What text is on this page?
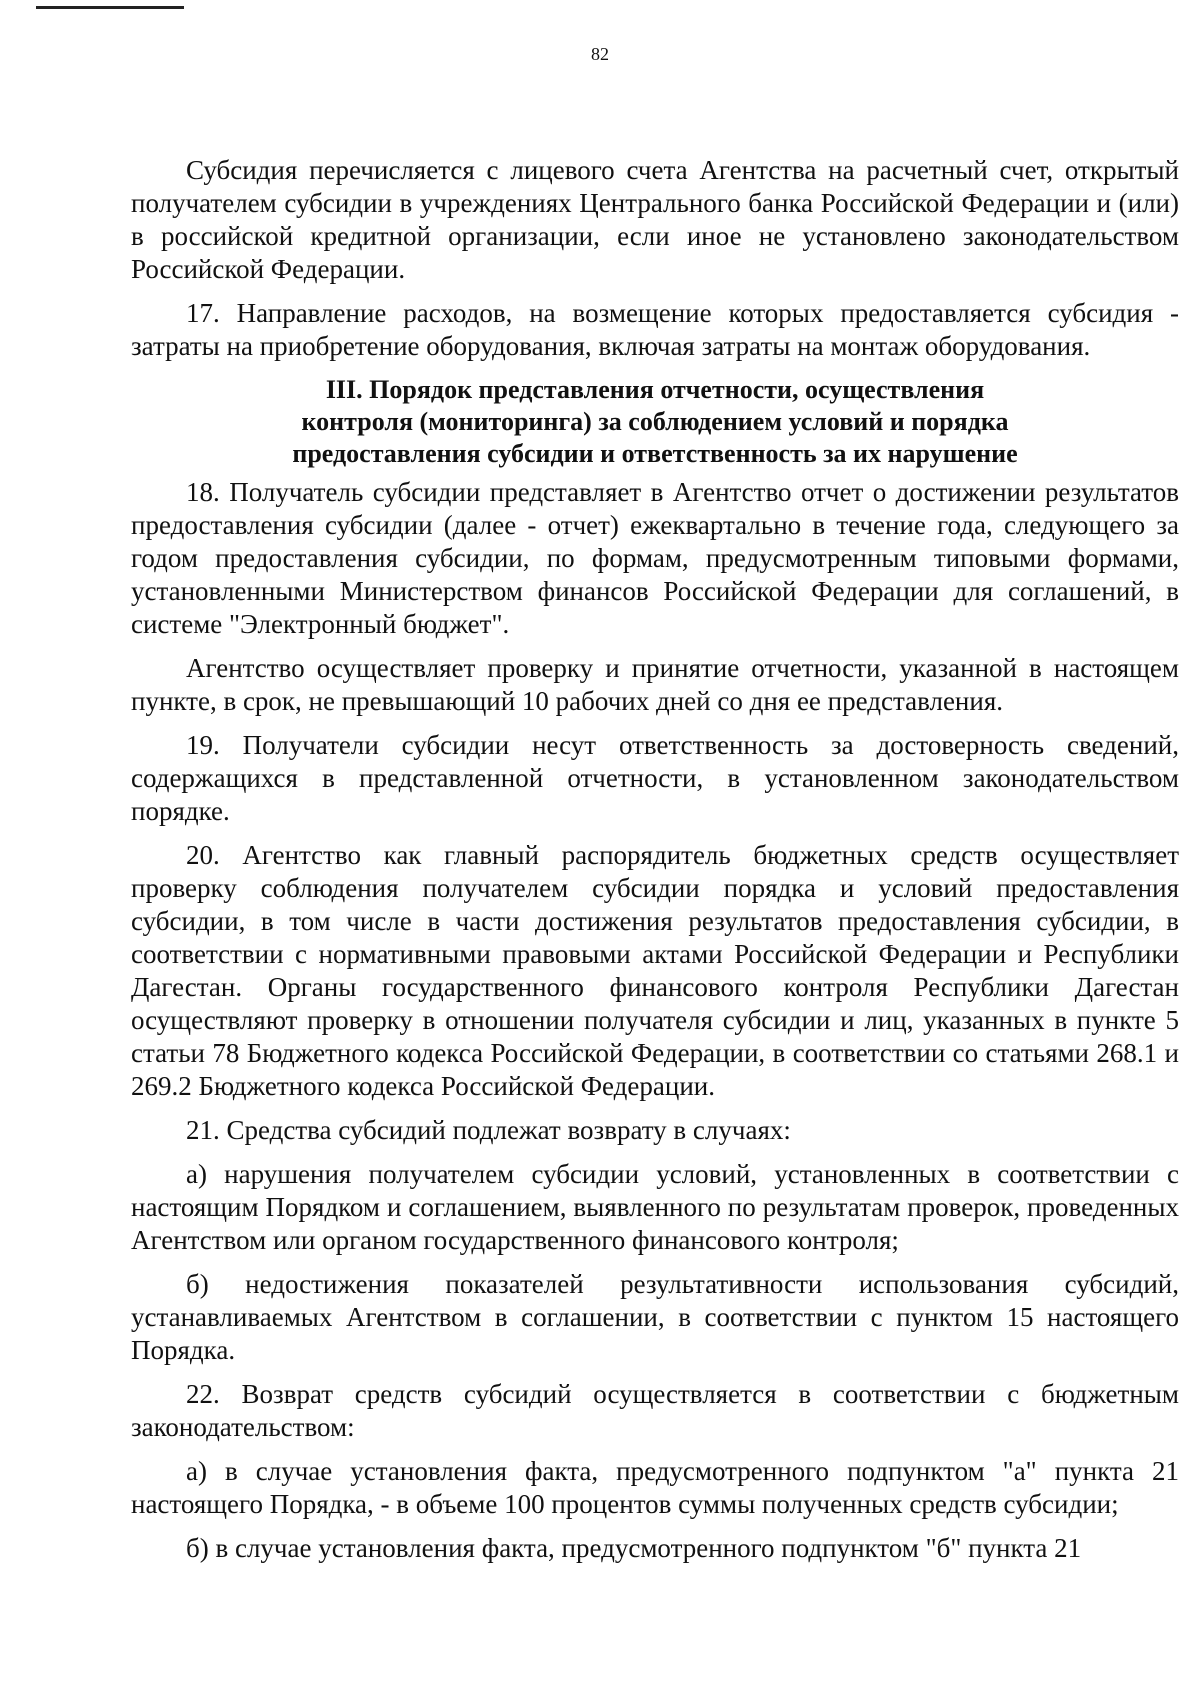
82

Субсидия перечисляется с лицевого счета Агентства на расчетный счет, открытый получателем субсидии в учреждениях Центрального банка Российской Федерации и (или) в российской кредитной организации, если иное не установлено законодательством Российской Федерации.

17. Направление расходов, на возмещение которых предоставляется субсидия - затраты на приобретение оборудования, включая затраты на монтаж оборудования.

III. Порядок представления отчетности, осуществления
контроля (мониторинга) за соблюдением условий и порядка
предоставления субсидии и ответственность за их нарушение

18. Получатель субсидии представляет в Агентство отчет о достижении результатов предоставления субсидии (далее - отчет) ежеквартально в течение года, следующего за годом предоставления субсидии, по формам, предусмотренным типовыми формами, установленными Министерством финансов Российской Федерации для соглашений, в системе "Электронный бюджет".

Агентство осуществляет проверку и принятие отчетности, указанной в настоящем пункте, в срок, не превышающий 10 рабочих дней со дня ее представления.

19. Получатели субсидии несут ответственность за достоверность сведений, содержащихся в представленной отчетности, в установленном законодательством порядке.

20. Агентство как главный распорядитель бюджетных средств осуществляет проверку соблюдения получателем субсидии порядка и условий предоставления субсидии, в том числе в части достижения результатов предоставления субсидии, в соответствии с нормативными правовыми актами Российской Федерации и Республики Дагестан. Органы государственного финансового контроля Республики Дагестан осуществляют проверку в отношении получателя субсидии и лиц, указанных в пункте 5 статьи 78 Бюджетного кодекса Российской Федерации, в соответствии со статьями 268.1 и 269.2 Бюджетного кодекса Российской Федерации.

21. Средства субсидий подлежат возврату в случаях:

а) нарушения получателем субсидии условий, установленных в соответствии с настоящим Порядком и соглашением, выявленного по результатам проверок, проведенных Агентством или органом государственного финансового контроля;

б) недостижения показателей результативности использования субсидий, устанавливаемых Агентством в соглашении, в соответствии с пунктом 15 настоящего Порядка.

22. Возврат средств субсидий осуществляется в соответствии с бюджетным законодательством:

а) в случае установления факта, предусмотренного подпунктом "а" пункта 21 настоящего Порядка, - в объеме 100 процентов суммы полученных средств субсидии;

б) в случае установления факта, предусмотренного подпунктом "б" пункта 21
